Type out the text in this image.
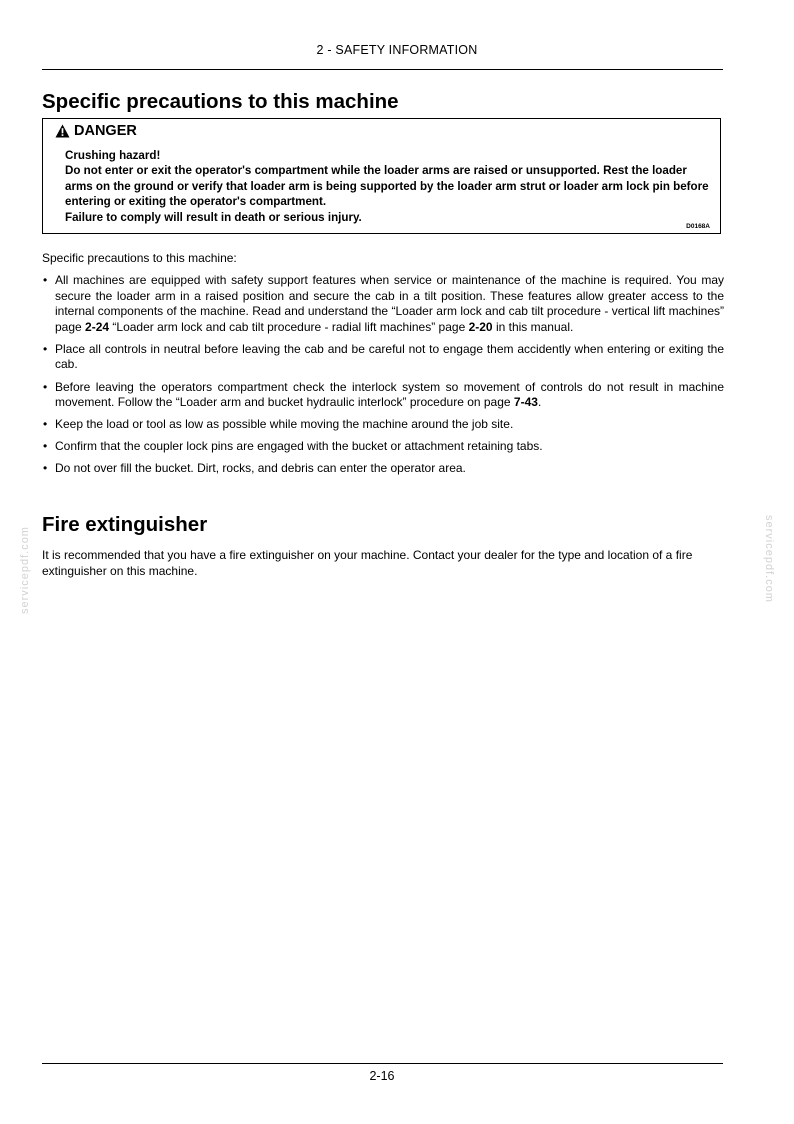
2 - SAFETY INFORMATION
Specific precautions to this machine
DANGER

Crushing hazard!

Do not enter or exit the operator's compartment while the loader arms are raised or unsupported. Rest the loader arms on the ground or verify that loader arm is being supported by the loader arm strut or loader arm lock pin before entering or exiting the operator's compartment.

Failure to comply will result in death or serious injury.

D0168A

Specific precautions to this machine:

• All machines are equipped with safety support features when service or maintenance of the machine is required. You may secure the loader arm in a raised position and secure the cab in a tilt position. These features allow greater access to the internal components of the machine. Read and understand the “Loader arm lock and cab tilt procedure - vertical lift machines” page 2-24 “Loader arm lock and cab tilt procedure - radial lift machines” page 2-20 in this manual.
• Place all controls in neutral before leaving the cab and be careful not to engage them accidently when entering or exiting the cab.
• Before leaving the operators compartment check the interlock system so movement of controls do not result in machine movement. Follow the “Loader arm and bucket hydraulic interlock” procedure on page 7-43.
• Keep the load or tool as low as possible while moving the machine around the job site.
• Confirm that the coupler lock pins are engaged with the bucket or attachment retaining tabs.
• Do not over fill the bucket. Dirt, rocks, and debris can enter the operator area.
Fire extinguisher

It is recommended that you have a fire extinguisher on your machine. Contact your dealer for the type and location of a fire extinguisher on this machine.

servicepdf.com	servicepdf.com
2-16
